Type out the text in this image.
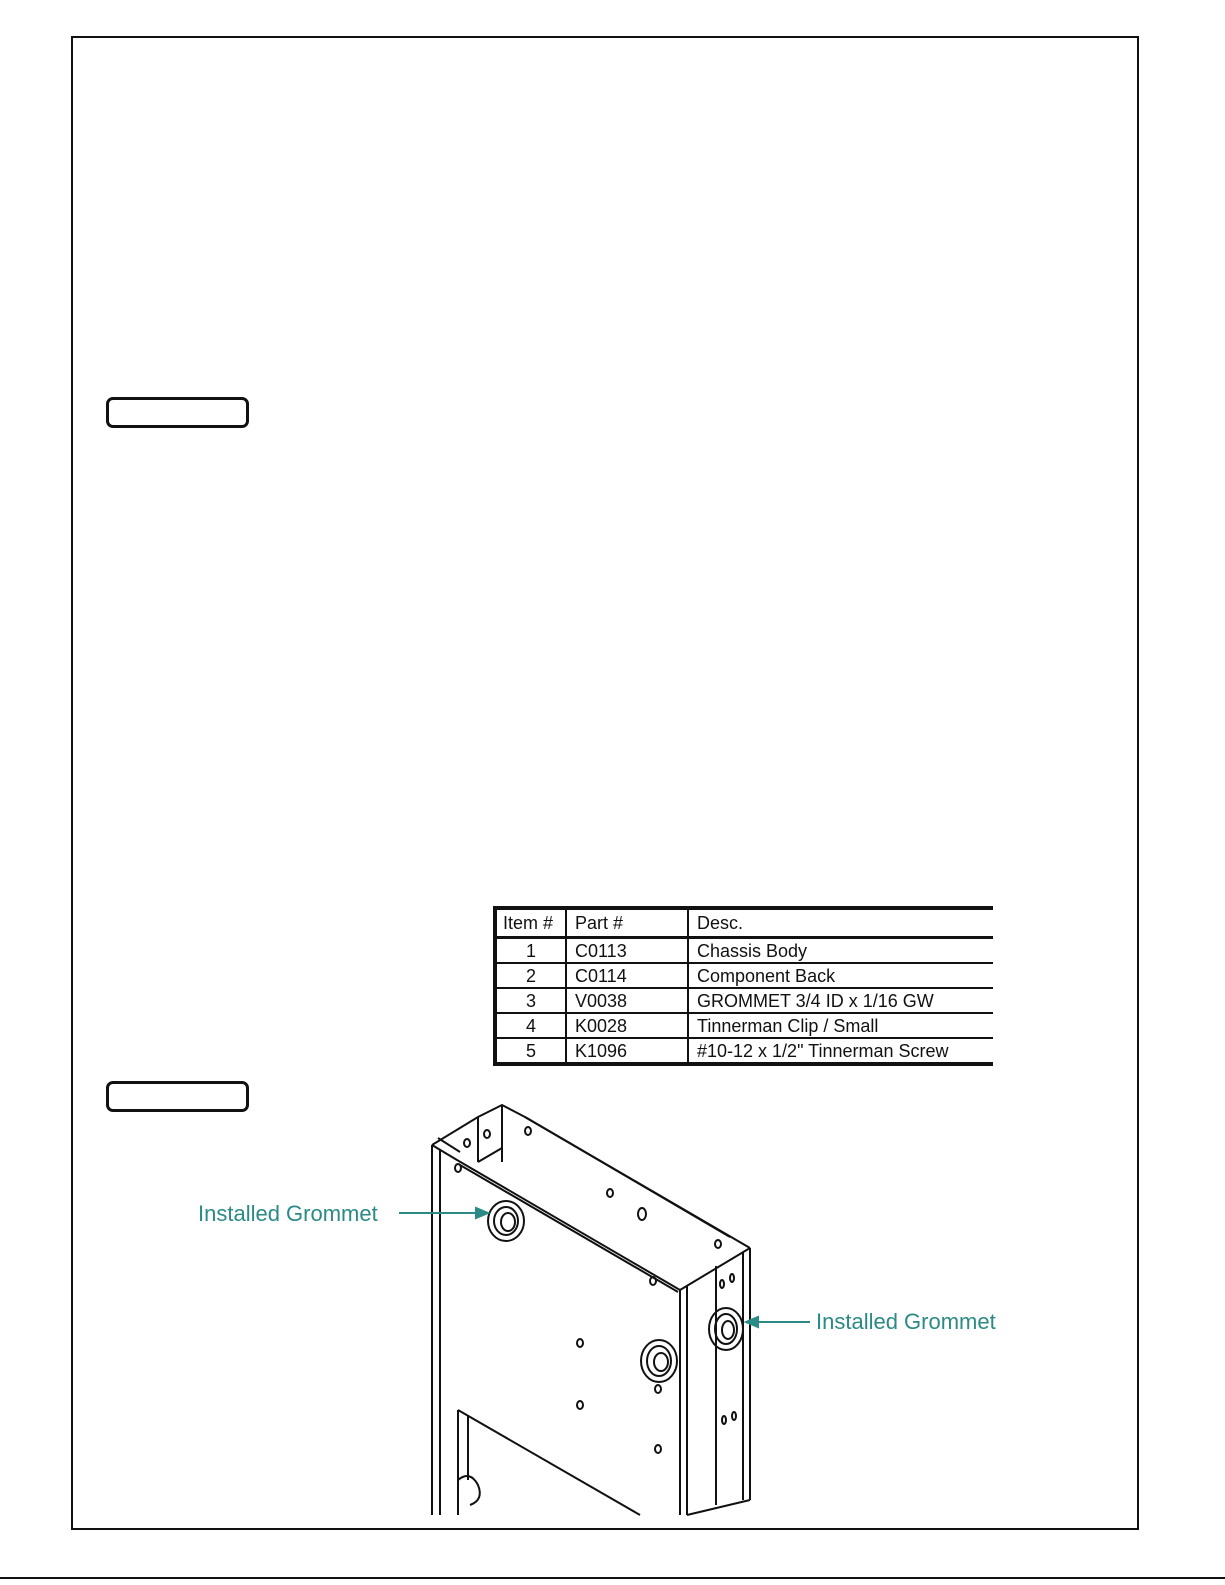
Item #	Part #	Desc.
1	C0113	Chassis Body
2	C0114	Component Back
3	V0038	GROMMET 3/4 ID x 1/16 GW
4	K0028	Tinnerman Clip / Small
5	K1096	#10-12 x 1/2" Tinnerman Screw
Installed Grommet
Installed Grommet
